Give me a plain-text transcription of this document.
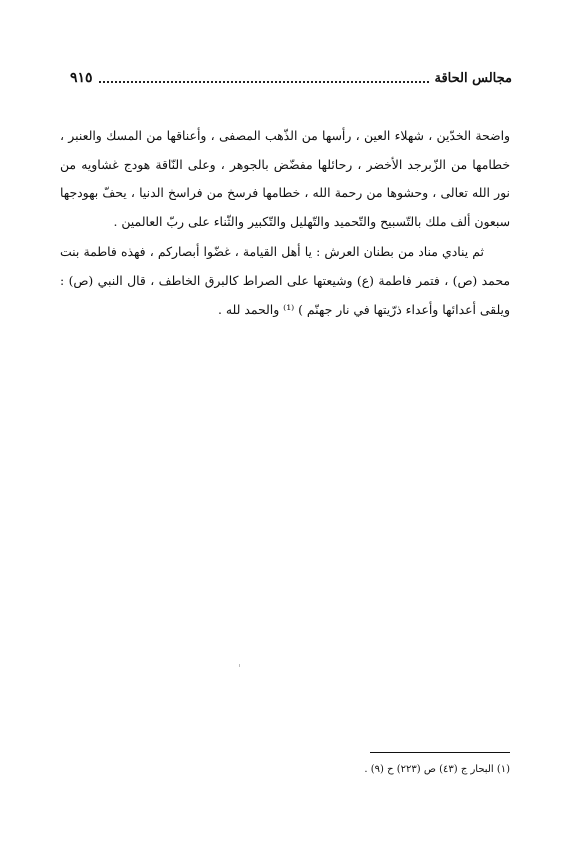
مجالس الحاقة
٩١٥

واضحة الخدّين ، شهلاء العين ، رأسها من الذّهب المصفى ، وأعناقها من المسك والعنبر ، خطامها من الزّبرجد الأخضر ، رحائلها مفضّض بالجوهر ، وعلى النّاقة هودج غشاويه من نور الله تعالى ، وحشوها من رحمة الله ، خطامها فرسخ من فراسخ الدنيا ، يحفّ بهودجها سبعون ألف ملك بالتّسبيح والتّحميد والتّهليل والتّكبير والثّناء على ربّ العالمين .

ثم ينادي مناد من بطنان العرش : يا أهل القيامة ، غضّوا أبصاركم ، فهذه فاطمة بنت محمد (ص) ، فتمر فاطمة (ع) وشيعتها على الصراط كالبرق الخاطف ، قال النبي (ص) : ويلقى أعدائها وأعداء ذرّيتها في نار جهنّم ) ⁽¹⁾ والحمد لله .

(١) البحار ج (٤٣) ص (٢٢٣) ح (٩) .
